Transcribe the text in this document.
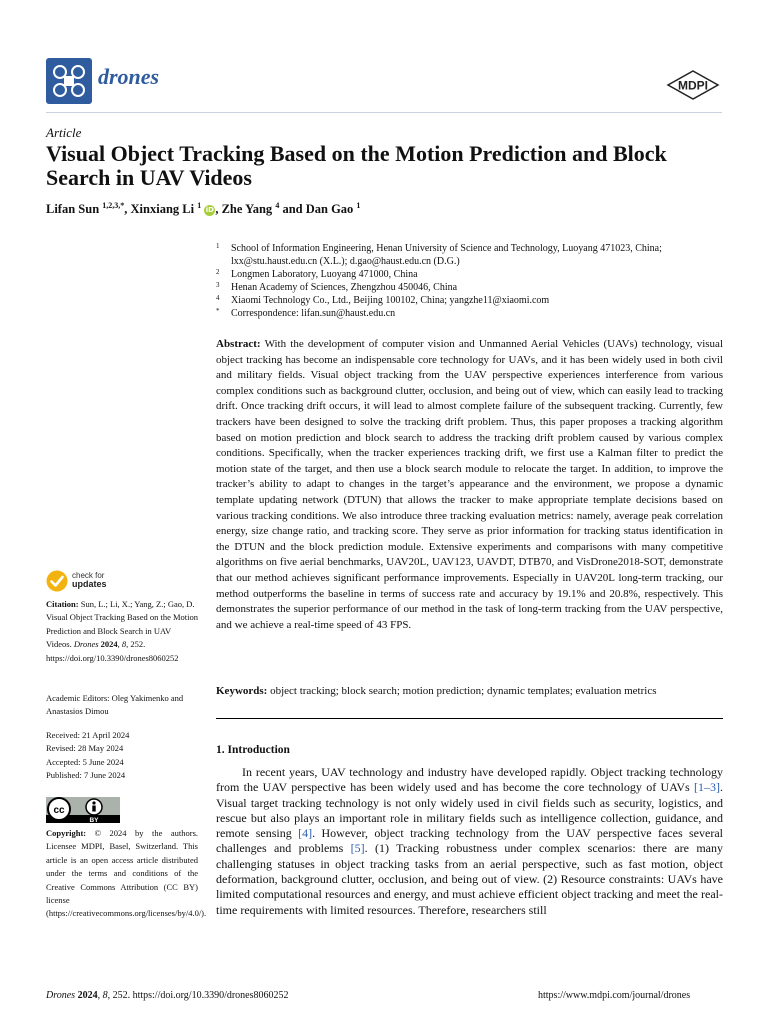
drones	MDPI
Article
Visual Object Tracking Based on the Motion Prediction and Block Search in UAV Videos
Lifan Sun $^{1,2,3,*}$, Xinxiang Li $^1$ iD, Zhe Yang $^4$ and Dan Gao $^1$
1	School of Information Engineering, Henan University of Science and Technology, Luoyang 471023, China; lxx@stu.haust.edu.cn (X.L.); d.gao@haust.edu.cn (D.G.)
2	Longmen Laboratory, Luoyang 471000, China
3	Henan Academy of Sciences, Zhengzhou 450046, China
4	Xiaomi Technology Co., Ltd., Beijing 100102, China; yangzhe11@xiaomi.com
*	Correspondence: lifan.sun@haust.edu.cn
Abstract: With the development of computer vision and Unmanned Aerial Vehicles (UAVs) technology, visual object tracking has become an indispensable core technology for UAVs, and it has been widely used in both civil and military fields. Visual object tracking from the UAV perspective experiences interference from various complex conditions such as background clutter, occlusion, and being out of view, which can easily lead to tracking drift. Once tracking drift occurs, it will lead to almost complete failure of the subsequent tracking. Currently, few trackers have been designed to solve the tracking drift problem. Thus, this paper proposes a tracking algorithm based on motion prediction and block search to address the tracking drift problem caused by various complex conditions. Specifically, when the tracker experiences tracking drift, we first use a Kalman filter to predict the motion state of the target, and then use a block search module to relocate the target. In addition, to improve the tracker’s ability to adapt to changes in the target’s appearance and the environment, we propose a dynamic template updating network (DTUN) that allows the tracker to make appropriate template decisions based on various tracking conditions. We also introduce three tracking evaluation metrics: namely, average peak correlation energy, size change ratio, and tracking score. They serve as prior information for tracking status identification in the DTUN and the block prediction module. Extensive experiments and comparisons with many competitive algorithms on five aerial benchmarks, UAV20L, UAV123, UAVDT, DTB70, and VisDrone2018-SOT, demonstrate that our method achieves significant performance improvements. Especially in UAV20L long-term tracking, our method outperforms the baseline in terms of success rate and accuracy by 19.1% and 20.8%, respectively. This demonstrates the superior performance of our method in the task of long-term tracking from the UAV perspective, and we achieve a real-time speed of 43 FPS.
Keywords: object tracking; block search; motion prediction; dynamic templates; evaluation metrics
check for
updates
Citation: Sun, L.; Li, X.; Yang, Z.; Gao, D. Visual Object Tracking Based on the Motion Prediction and Block Search in UAV Videos. Drones 2024, 8, 252. https://doi.org/10.3390/drones8060252
Academic Editors: Oleg Yakimenko and Anastasios Dimou
Received: 21 April 2024
Revised: 28 May 2024
Accepted: 5 June 2024
Published: 7 June 2024
cc
BY
Copyright: © 2024 by the authors. Licensee MDPI, Basel, Switzerland. This article is an open access article distributed under the terms and conditions of the Creative Commons Attribution (CC BY) license (https://creativecommons.org/licenses/by/4.0/).
1. Introduction
In recent years, UAV technology and industry have developed rapidly. Object tracking technology from the UAV perspective has been widely used and has become the core technology of UAVs [1–3]. Visual target tracking technology is not only widely used in civil fields such as security, logistics, and rescue but also plays an important role in military fields such as intelligence collection, guidance, and remote sensing [4]. However, object tracking technology from the UAV perspective faces several challenges and problems [5]. (1) Tracking robustness under complex scenarios: there are many challenging statuses in object tracking tasks from an aerial perspective, such as fast motion, object deformation, background clutter, occlusion, and being out of view. (2) Resource constraints: UAVs have limited computational resources and energy, and must achieve efficient object tracking and meet the real-time requirements with limited resources. Therefore, researchers still
Drones 2024, 8, 252. https://doi.org/10.3390/drones8060252	https://www.mdpi.com/journal/drones
